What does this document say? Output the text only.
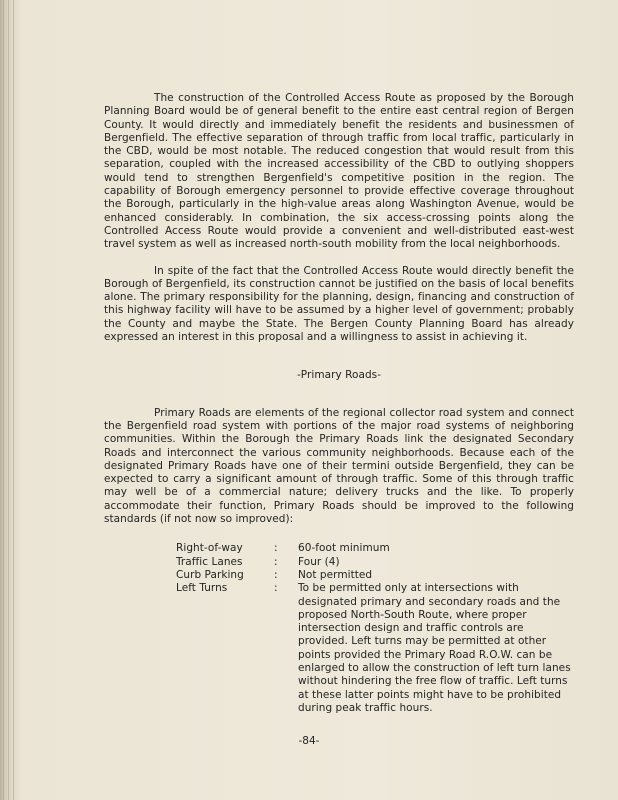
The construction of the Controlled Access Route as proposed by the Borough Planning Board would be of general benefit to the entire east central region of Bergen County. It would directly and immediately benefit the residents and businessmen of Bergenfield. The effective separation of through traffic from local traffic, particularly in the CBD, would be most notable. The reduced congestion that would result from this separation, coupled with the increased accessibility of the CBD to outlying shoppers would tend to strengthen Bergenfield's competitive position in the region. The capability of Borough emergency personnel to provide effective coverage throughout the Borough, particularly in the high-value areas along Washington Avenue, would be enhanced considerably. In combination, the six access-crossing points along the Controlled Access Route would provide a convenient and well-distributed east-west travel system as well as increased north-south mobility from the local neighborhoods.

In spite of the fact that the Controlled Access Route would directly benefit the Borough of Bergenfield, its construction cannot be justified on the basis of local benefits alone. The primary responsibility for the planning, design, financing and construction of this highway facility will have to be assumed by a higher level of government; probably the County and maybe the State. The Bergen County Planning Board has already expressed an interest in this proposal and a willingness to assist in achieving it.

-Primary Roads-

Primary Roads are elements of the regional collector road system and connect the Bergenfield road system with portions of the major road systems of neighboring communities. Within the Borough the Primary Roads link the designated Secondary Roads and interconnect the various community neighborhoods. Because each of the designated Primary Roads have one of their termini outside Bergenfield, they can be expected to carry a significant amount of through traffic. Some of this through traffic may well be of a commercial nature; delivery trucks and the like. To properly accommodate their function, Primary Roads should be improved to the following standards (if not now so improved):

Right-of-way	:	60-foot minimum
Traffic Lanes	:	Four (4)
Curb Parking	:	Not permitted
Left Turns	:	To be permitted only at intersections with designated primary and secondary roads and the proposed North-South Route, where proper intersection design and traffic controls are provided. Left turns may be permitted at other points provided the Primary Road R.O.W. can be enlarged to allow the construction of left turn lanes without hindering the free flow of traffic. Left turns at these latter points might have to be prohibited during peak traffic hours.
-84-
